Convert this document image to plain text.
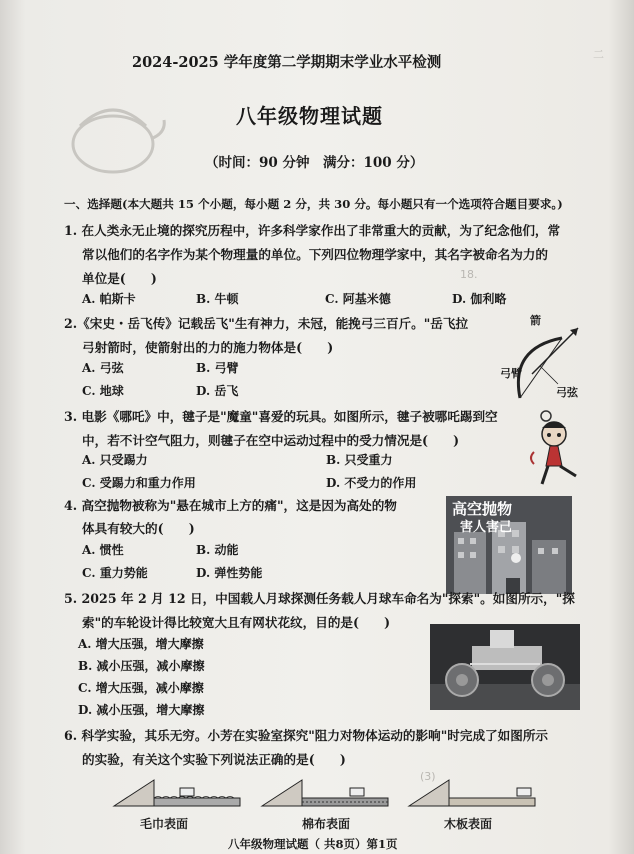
二
18.
(3)
2024-2025 学年度第二学期期末学业水平检测
八年级物理试题
（时间：90 分钟　满分：100 分）
一、选择题(本大题共 15 个小题，每小题 2 分，共 30 分。每小题只有一个选项符合题目要求。)
1. 在人类永无止境的探究历程中，许多科学家作出了非常重大的贡献，为了纪念他们，常
常以他们的名字作为某个物理量的单位。下列四位物理学家中，其名字被命名为力的
单位是(　　)
A. 帕斯卡	B. 牛顿	C. 阿基米德	D. 伽利略
2.《宋史・岳飞传》记载岳飞"生有神力，未冠，能挽弓三百斤。"岳飞拉
弓射箭时，使箭射出的力的施力物体是(　　)
A. 弓弦	B. 弓臂
C. 地球	D. 岳飞
箭
弓臂
弓弦
3. 电影《哪吒》中，毽子是"魔童"喜爱的玩具。如图所示，毽子被哪吒踢到空
中，若不计空气阻力，则毽子在空中运动过程中的受力情况是(　　)
A. 只受踢力	B. 只受重力
C. 受踢力和重力作用	D. 不受力的作用
4. 高空抛物被称为"悬在城市上方的痛"，这是因为高处的物
体具有较大的(　　)
A. 惯性	B. 动能
C. 重力势能	D. 弹性势能
高空抛物
害人害己
5. 2025 年 2 月 12 日，中国载人月球探测任务载人月球车命名为"探索"。如图所示，"探
索"的车轮设计得比较宽大且有网状花纹，目的是(　　)
A. 增大压强，增大摩擦
B. 减小压强，减小摩擦
C. 增大压强，减小摩擦
D. 减小压强，增大摩擦
6. 科学实验，其乐无穷。小芳在实验室探究"阻力对物体运动的影响"时完成了如图所示
的实验，有关这个实验下列说法正确的是(　　)
毛巾表面	棉布表面	木板表面
八年级物理试题（ 共8页）第1页
